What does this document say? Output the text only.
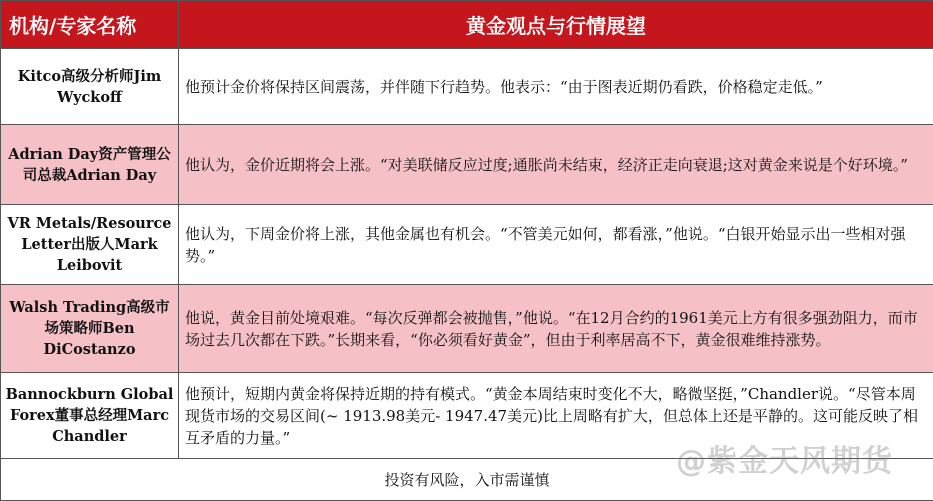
机构/专家名称	黄金观点与行情展望
Kitco高级分析师Jim Wyckoff	他预计金价将保持区间震荡，并伴随下行趋势。他表示：“由于图表近期仍看跌，价格稳定走低。”
Adrian Day资产管理公司总裁Adrian Day	他认为，金价近期将会上涨。“对美联储反应过度;通胀尚未结束，经济正走向衰退;这对黄金来说是个好环境。”
VR Metals/Resource Letter出版人Mark Leibovit	他认为，下周金价将上涨，其他金属也有机会。“不管美元如何，都看涨，”他说。“白银开始显示出一些相对强势。”
Walsh Trading高级市场策略师Ben DiCostanzo	他说，黄金目前处境艰难。“每次反弹都会被抛售，”他说。“在12月合约的1961美元上方有很多强劲阻力，而市场过去几次都在下跌。”长期来看，“你必须看好黄金”，但由于利率居高不下，黄金很难维持涨势。
Bannockburn Global Forex董事总经理Marc Chandler	他预计，短期内黄金将保持近期的持有模式。“黄金本周结束时变化不大，略微坚挺，”Chandler说。“尽管本周现货市场的交易区间(~ 1913.98美元- 1947.47美元)比上周略有扩大，但总体上还是平静的。这可能反映了相互矛盾的力量。”
投资有风险，入市需谨慎	
@紫金天风期货
